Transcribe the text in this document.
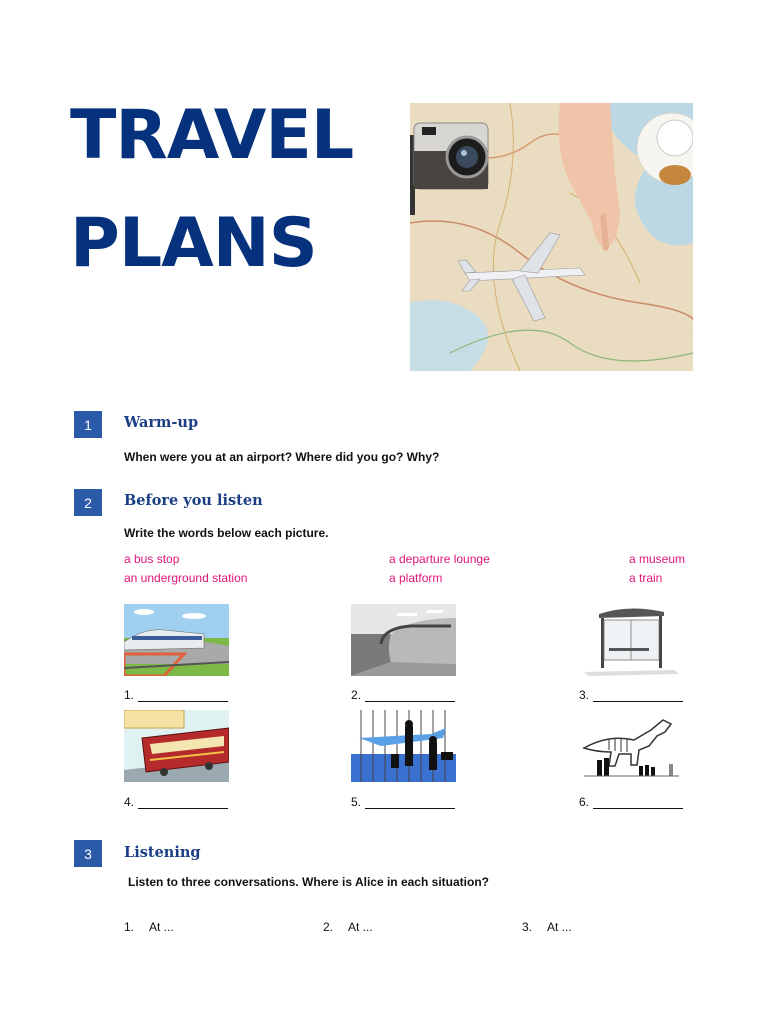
TRAVEL
PLANS
1	Warm-up
When were you at an airport? Where did you go? Why?
2	Before you listen
Write the words below each picture.
a bus stop
an underground station
a departure lounge
a platform
a museum
a train
1.	2.	3.
4.	5.	6.
3	Listening
Listen to three conversations. Where is Alice in each situation?
1. At ...	2. At ...	3. At ...
